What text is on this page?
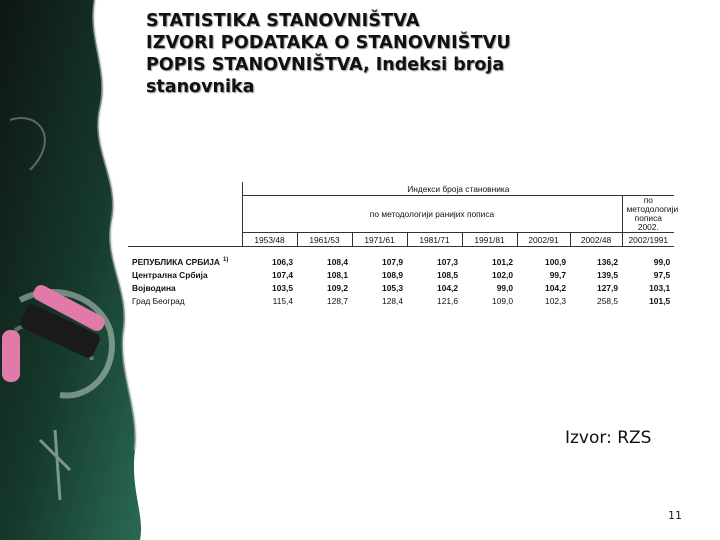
STATISTIKA STANOVNIŠTVA
IZVORI PODATAKA O STANOVNIŠTVU
POPIS STANOVNIŠTVA, Indeksi broja
stanovnika
	Индекси броја становника							
	по методологији ранијих пописа							по методологији пописа 2002.
	1953/48	1961/53	1971/61	1981/71	1991/81	2002/91	2002/48	2002/1991

РЕПУБЛИКА СРБИЈА $^{1)}$	106,3	108,4	107,9	107,3	101,2	100,9	136,2	99,0
Централна Србија	107,4	108,1	108,9	108,5	102,0	99,7	139,5	97,5
Војводина	103,5	109,2	105,3	104,2	99,0	104,2	127,9	103,1
Град Београд	115,4	128,7	128,4	121,6	109,0	102,3	258,5	101,5
Izvor: RZS
11
